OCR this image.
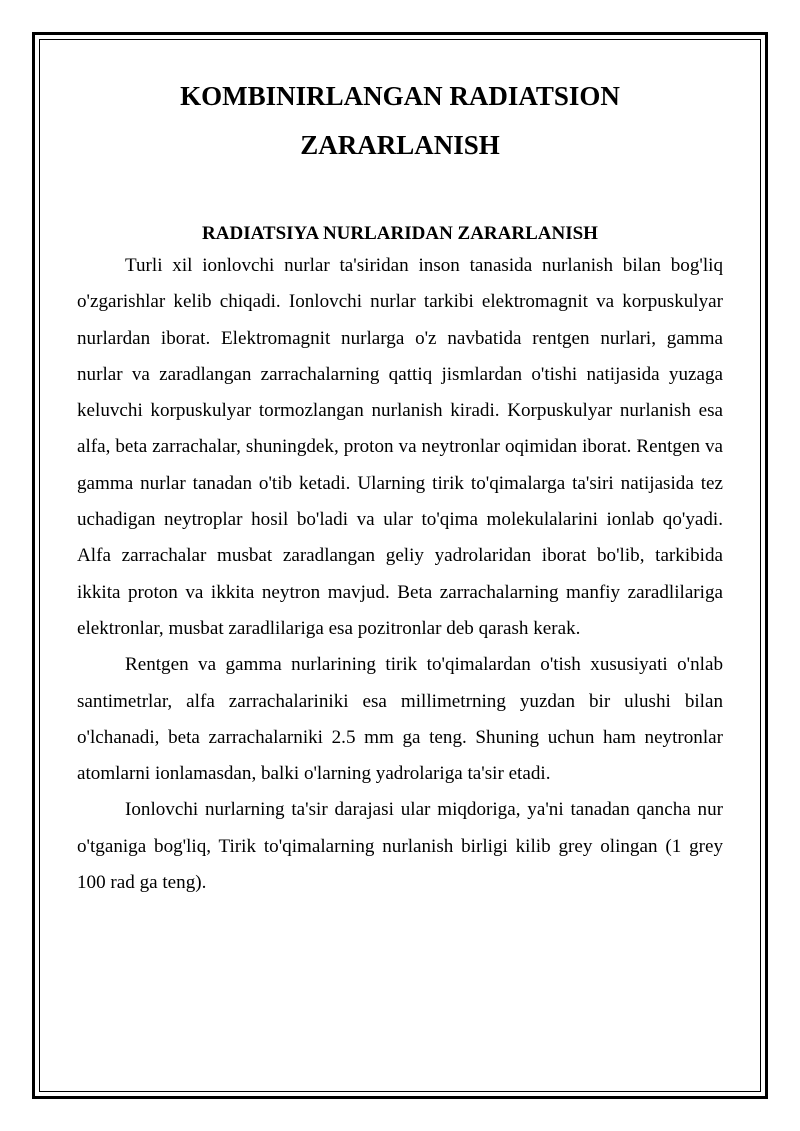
KOMBINIRLANGAN RADIATSION ZARARLANISH
RADIATSIYA NURLARIDAN ZARARLANISH

Turli xil ionlovchi nurlar ta'siridan inson tanasida nurlanish bilan bog'liq o'zgarishlar kelib chiqadi. Ionlovchi nurlar tarkibi elektromagnit va korpuskulyar nurlardan iborat. Elektromagnit nurlarga o'z navbatida rentgen nurlari, gamma nurlar va zaradlangan zarrachalarning qattiq jismlardan o'tishi natijasida yuzaga keluvchi korpuskulyar tormozlangan nurlanish kiradi. Korpuskulyar nurlanish esa alfa, beta zarrachalar, shuningdek, proton va neytronlar oqimidan iborat. Rentgen va gamma nurlar tanadan o'tib ketadi. Ularning tirik to'qimalarga ta'siri natijasida tez uchadigan neytroplar hosil bo'ladi va ular to'qima molekulalarini ionlab qo'yadi. Alfa zarrachalar musbat zaradlangan geliy yadrolaridan iborat bo'lib, tarkibida ikkita proton va ikkita neytron mavjud. Beta zarrachalarning manfiy zaradlilariga elektronlar, musbat zaradlilariga esa pozitronlar deb qarash kerak.

Rentgen va gamma nurlarining tirik to'qimalardan o'tish xususiyati o'nlab santimetrlar, alfa zarrachalariniki esa millimetrning yuzdan bir ulushi bilan o'lchanadi, beta zarrachalarniki 2.5 mm ga teng. Shuning uchun ham neytronlar atomlarni ionlamasdan, balki o'larning yadrolariga ta'sir etadi.

Ionlovchi nurlarning ta'sir darajasi ular miqdoriga, ya'ni tanadan qancha nur o'tganiga bog'liq, Tirik to'qimalarning nurlanish birligi kilib grey olingan (1 grey 100 rad ga teng).
